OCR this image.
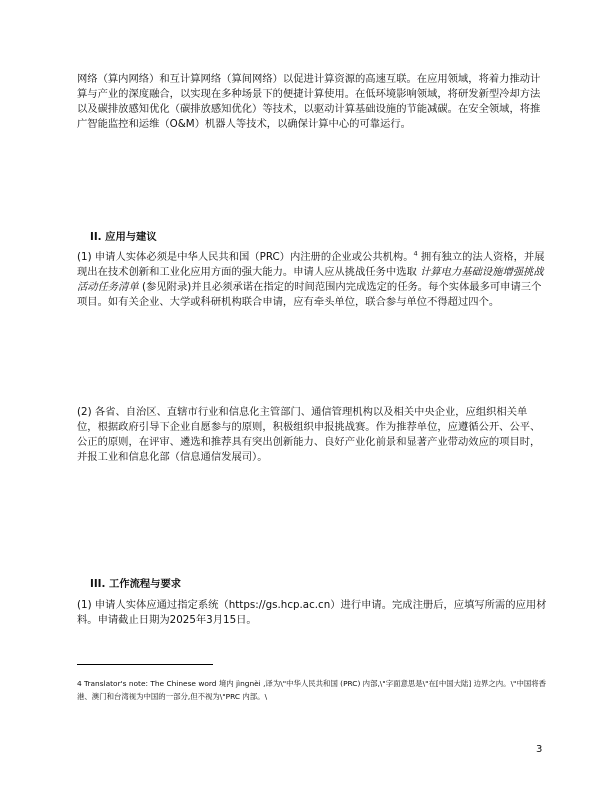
网络（算内网络）和互计算网络（算间网络）以促进计算资源的高速互联。在应用领域，将着力推动计算与产业的深度融合，以实现在多种场景下的便捷计算使用。在低环境影响领域，将研发新型冷却方法以及碳排放感知优化（碳排放感知优化）等技术，以驱动计算基础设施的节能减碳。在安全领域，将推广智能监控和运维（O&M）机器人等技术，以确保计算中心的可靠运行。

II. 应用与建议

(1) 申请人实体必须是中华人民共和国（PRC）内注册的企业或公共机构。$^4$ 拥有独立的法人资格，并展现出在技术创新和工业化应用方面的强大能力。申请人应从挑战任务中选取 计算电力基础设施增强挑战活动任务清单 (参见附录)并且必须承诺在指定的时间范围内完成选定的任务。每个实体最多可申请三个项目。如有关企业、大学或科研机构联合申请，应有牵头单位，联合参与单位不得超过四个。

(2) 各省、自治区、直辖市行业和信息化主管部门、通信管理机构以及相关中央企业，应组织相关单位，根据政府引导下企业自愿参与的原则，积极组织申报挑战赛。作为推荐单位，应遵循公开、公平、公正的原则，在评审、遴选和推荐具有突出创新能力、良好产业化前景和显著产业带动效应的项目时，并报工业和信息化部（信息通信发展司）。

III. 工作流程与要求

(1) 申请人实体应通过指定系统（https://gs.hcp.ac.cn）进行申请。完成注册后，应填写所需的应用材料。申请截止日期为2025年3月15日。

4 Translator's note: The Chinese word 境内 jìngnèi ,译为\"中华人民共和国 (PRC) 内部,\"字面意思是\"在[中国大陆] 边界之内。\"中国将香港、澳门和台湾视为中国的一部分,但不视为\"PRC 内部。\

3
